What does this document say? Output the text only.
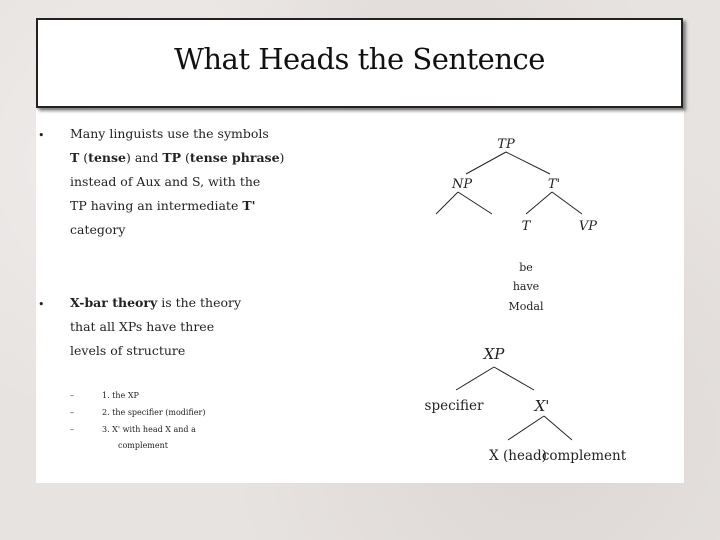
What Heads the Sentence
• Many linguists use the symbols
T (tense) and TP (tense phrase)
instead of Aux and S, with the
TP having an intermediate T'
category
• X-bar theory is the theory
that all XPs have three
levels of structure
–	1. the XP
–	2. the specifier (modifier)
–	3. X' with head X and a
complement
TP
NP	T'
T	VP
be
have
Modal
XP
specifier	X'
X (head)
complement
